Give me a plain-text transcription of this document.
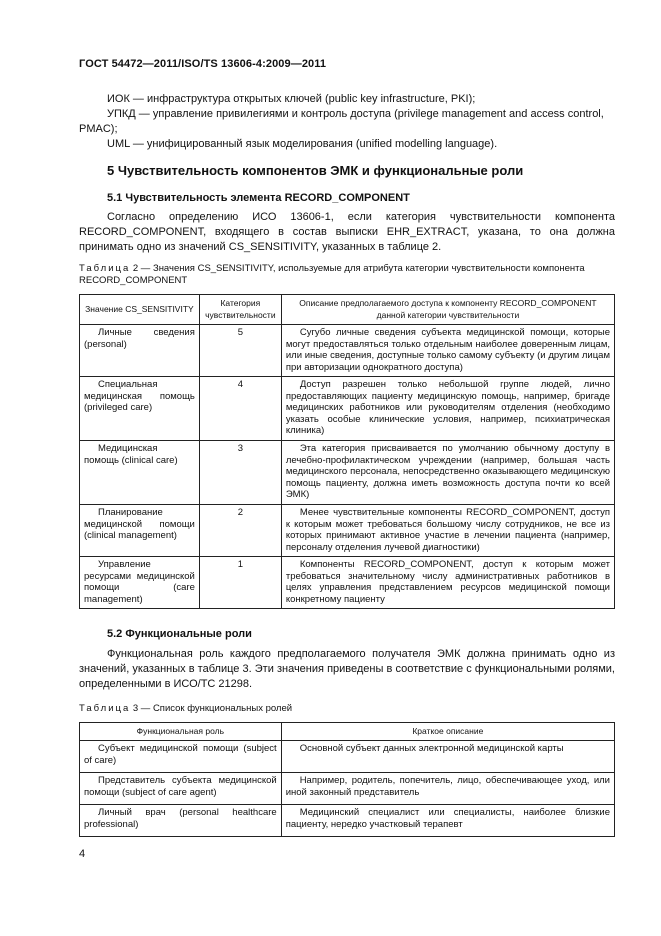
ГОСТ 54472—2011/ISO/TS 13606-4:2009—2011

ИОК — инфраструктура открытых ключей (public key infrastructure, PKI);

УПКД — управление привилегиями и контроль доступа (privilege management and access control,

PMAC);

UML — унифицированный язык моделирования (unified modelling language).

5 Чувствительность компонентов ЭМК и функциональные роли
5.1 Чувствительность элемента RECORD_COMPONENT

Согласно определению ИСО 13606-1, если категория чувствительности компонента RECORD_COMPONENT, входящего в состав выписки EHR_EXTRACT, указана, то она должна принимать одно из значений CS_SENSITIVITY, указанных в таблице 2.

Таблица 2 — Значения CS_SENSITIVITY, используемые для атрибута категории чувствительности компонента RECORD_COMPONENT
Значение CS_SENSITIVITY	Категория чувствительности	Описание предполагаемого доступа к компоненту RECORD_COMPONENT данной категории чувствительности
Личные сведения (personal)	5	Сугубо личные сведения субъекта медицинской помощи, которые могут предоставляться только отдельным наиболее доверенным лицам, или иные сведения, доступные только самому субъекту (и другим лицам при авторизации однократного доступа)
Специальная медицинская помощь (privileged care)	4	Доступ разрешен только небольшой группе людей, лично предоставляющих пациенту медицинскую помощь, например, бригаде медицинских работников или руководителям отделения (необходимо указать особые клинические условия, например, психиатрическая клиника)
Медицинская помощь (clinical care)	3	Эта категория присваивается по умолчанию обычному доступу в лечебно-профилактическом учреждении (например, большая часть медицинского персонала, непосредственно оказывающего медицинскую помощь пациенту, должна иметь возможность доступа почти ко всей ЭМК)
Планирование медицинской помощи (clinical management)	2	Менее чувствительные компоненты RECORD_COMPONENT, доступ к которым может требоваться большому числу сотрудников, не все из которых принимают активное участие в лечении пациента (например, персоналу отделения лучевой диагностики)
Управление ресурсами медицинской помощи (care management)	1	Компоненты RECORD_COMPONENT, доступ к которым может требоваться значительному числу административных работников в целях управления представлением ресурсов медицинской помощи конкретному пациенту
5.2 Функциональные роли

Функциональная роль каждого предполагаемого получателя ЭМК должна принимать одно из значений, указанных в таблице 3. Эти значения приведены в соответствие с функциональными ролями, определенными в ИСО/ТС 21298.

Таблица 3 — Список функциональных ролей
Функциональная роль	Краткое описание
Субъект медицинской помощи (subject of care)	Основной субъект данных электронной медицинской карты
Представитель субъекта медицинской помощи (subject of care agent)	Например, родитель, попечитель, лицо, обеспечивающее уход, или иной законный представитель
Личный врач (personal healthcare professional)	Медицинский специалист или специалисты, наиболее близкие пациенту, нередко участковый терапевт
4
